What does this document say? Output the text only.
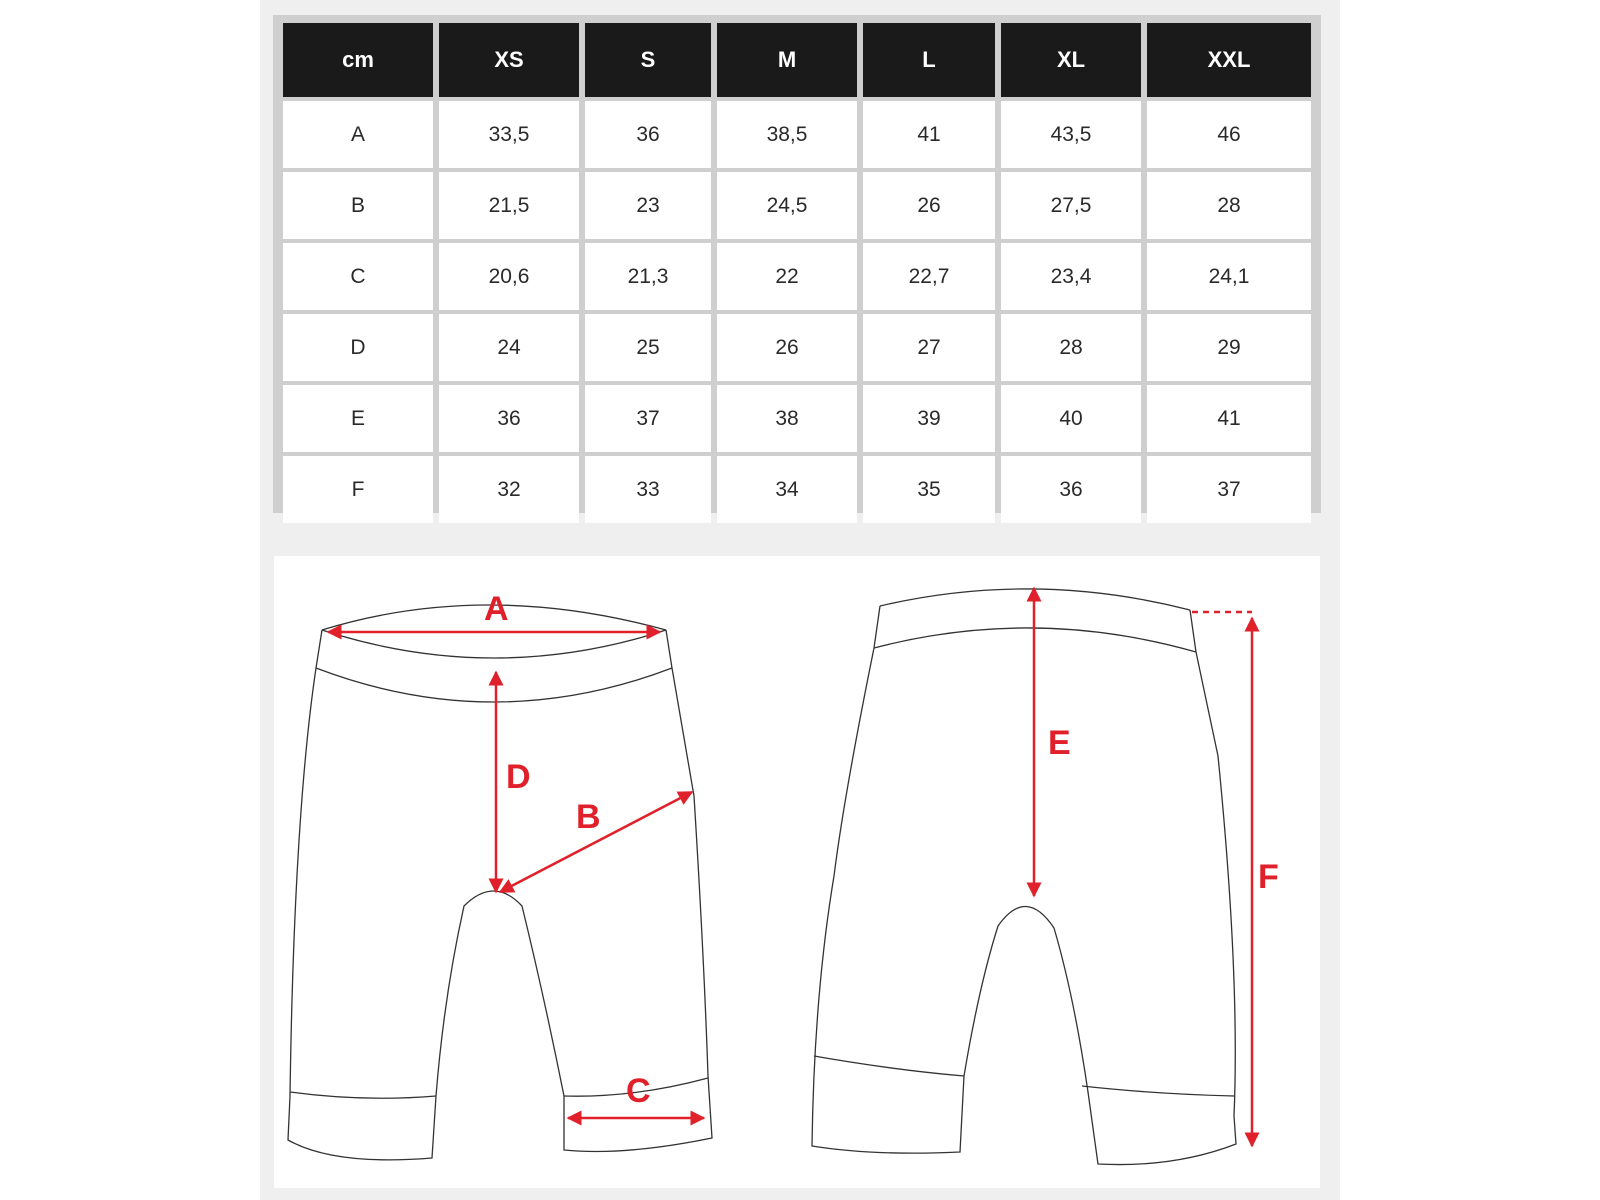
cm	XS	S	M	L	XL	XXL
A	33,5	36	38,5	41	43,5	46
B	21,5	23	24,5	26	27,5	28
C	20,6	21,3	22	22,7	23,4	24,1
D	24	25	26	27	28	29
E	36	37	38	39	40	41
F	32	33	34	35	36	37
A
D
B
C
E
F
